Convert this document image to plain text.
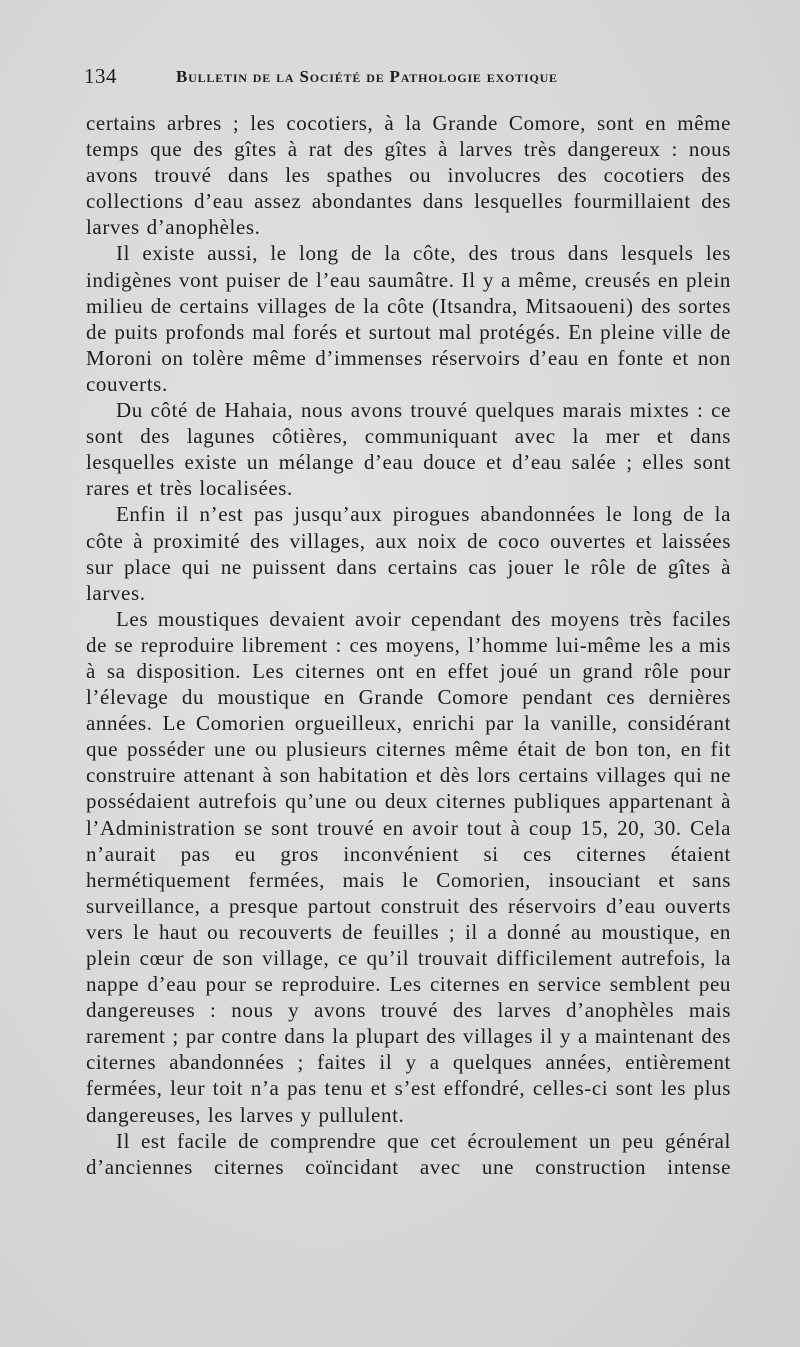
134	Bulletin de la Société de Pathologie exotique

certains arbres ; les cocotiers, à la Grande Comore, sont en même temps que des gîtes à rat des gîtes à larves très dangereux : nous avons trouvé dans les spathes ou involucres des cocotiers des collections d’eau assez abondantes dans lesquelles fourmillaient des larves d’anophèles.

Il existe aussi, le long de la côte, des trous dans lesquels les indigènes vont puiser de l’eau saumâtre. Il y a même, creusés en plein milieu de certains villages de la côte (Itsandra, Mitsaoueni) des sortes de puits profonds mal forés et surtout mal protégés. En pleine ville de Moroni on tolère même d’immenses réservoirs d’eau en fonte et non couverts.

Du côté de Hahaia, nous avons trouvé quelques marais mixtes : ce sont des lagunes côtières, communiquant avec la mer et dans lesquelles existe un mélange d’eau douce et d’eau salée ; elles sont rares et très localisées.

Enfin il n’est pas jusqu’aux pirogues abandonnées le long de la côte à proximité des villages, aux noix de coco ouvertes et laissées sur place qui ne puissent dans certains cas jouer le rôle de gîtes à larves.

Les moustiques devaient avoir cependant des moyens très faciles de se reproduire librement : ces moyens, l’homme lui-même les a mis à sa disposition. Les citernes ont en effet joué un grand rôle pour l’élevage du moustique en Grande Comore pendant ces dernières années. Le Comorien orgueilleux, enrichi par la vanille, considérant que posséder une ou plusieurs citernes même était de bon ton, en fit construire attenant à son habitation et dès lors certains villages qui ne possédaient autrefois qu’une ou deux citernes publiques appartenant à l’Administration se sont trouvé en avoir tout à coup 15, 20, 30. Cela n’aurait pas eu gros inconvénient si ces citernes étaient hermétiquement fermées, mais le Comorien, insouciant et sans surveillance, a presque partout construit des réservoirs d’eau ouverts vers le haut ou recouverts de feuilles ; il a donné au moustique, en plein cœur de son village, ce qu’il trouvait difficilement autrefois, la nappe d’eau pour se reproduire. Les citernes en service semblent peu dangereuses : nous y avons trouvé des larves d’anophèles mais rarement ; par contre dans la plupart des villages il y a maintenant des citernes abandonnées ; faites il y a quelques années, entièrement fermées, leur toit n’a pas tenu et s’est effondré, celles-ci sont les plus dangereuses, les larves y pullulent.

Il est facile de comprendre que cet écroulement un peu général d’anciennes citernes coïncidant avec une construction intense
